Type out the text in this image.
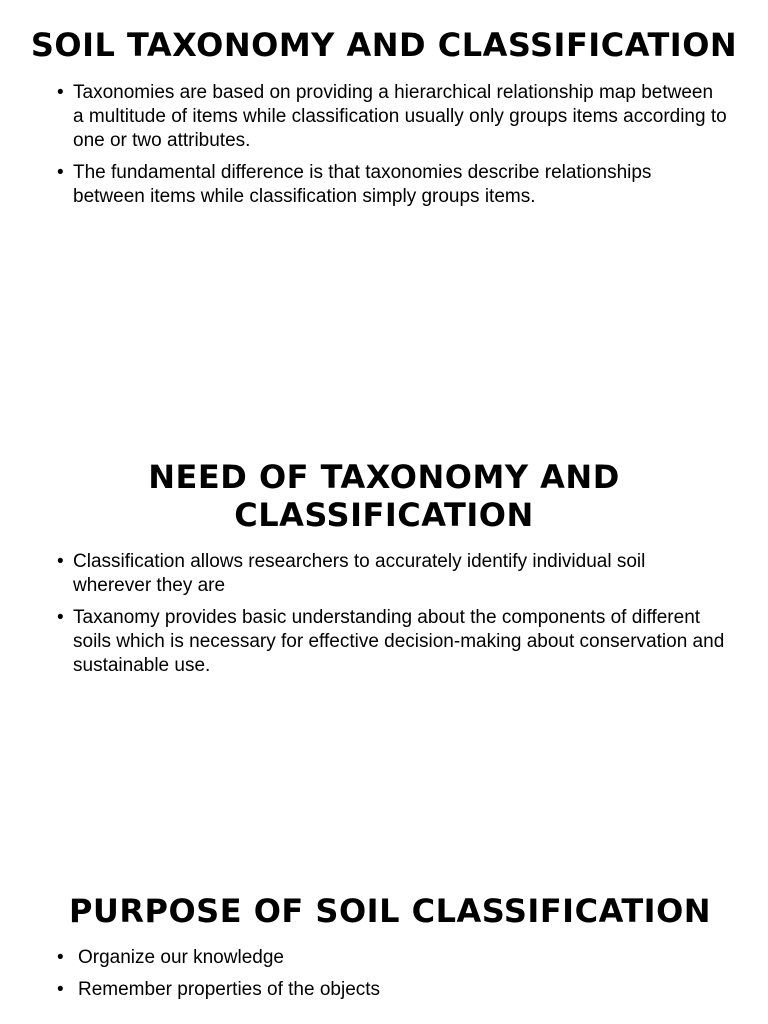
SOIL TAXONOMY AND CLASSIFICATION
• Taxonomies are based on providing a hierarchical relationship map between a multitude of items while classification usually only groups items according to one or two attributes.
• The fundamental difference is that taxonomies describe relationships between items while classification simply groups items.
NEED OF TAXONOMY AND CLASSIFICATION
• Classification allows researchers to accurately identify individual soil wherever they are
• Taxanomy provides basic understanding about the components of different soils which is necessary for effective decision-making about conservation and sustainable use.
PURPOSE OF SOIL CLASSIFICATION
• Organize our knowledge
• Remember properties of the objects
